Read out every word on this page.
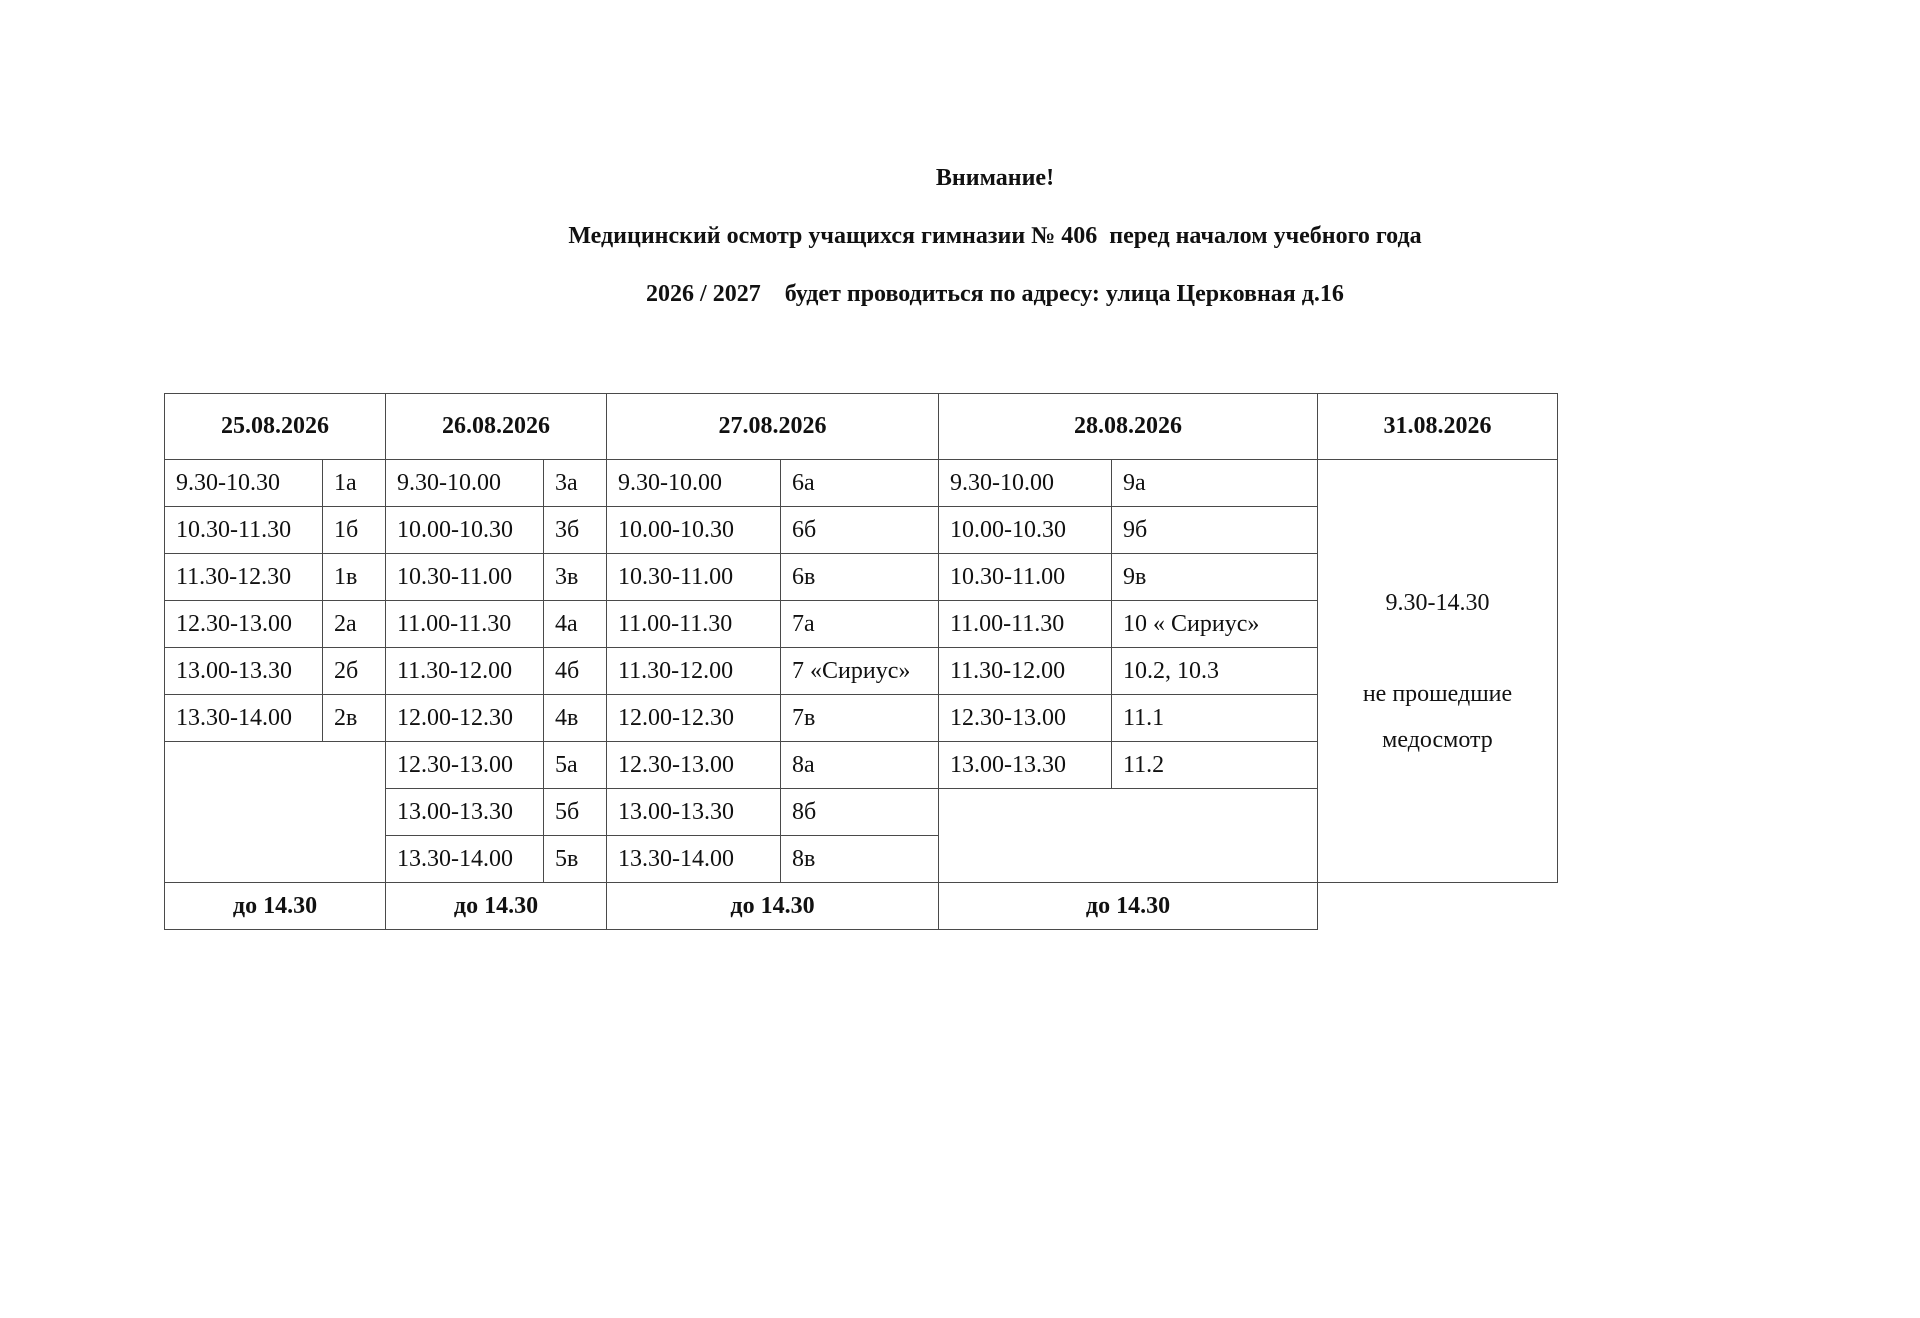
Внимание!
Медицинский осмотр учащихся гимназии № 406  перед началом учебного года
2026 / 2027    будет проводиться по адресу: улица Церковная д.16
25.08.2026		26.08.2026		27.08.2026		28.08.2026		31.08.2026
9.30-10.30	1а	9.30-10.00	3а	9.30-10.00	6а	9.30-10.00	9а	9.30-14.30
не прошедшие
медосмотр

10.30-11.30	1б	10.00-10.30	3б	10.00-10.30	6б	10.00-10.30	9б	
11.30-12.30	1в	10.30-11.00	3в	10.30-11.00	6в	10.30-11.00	9в	
12.30-13.00	2а	11.00-11.30	4а	11.00-11.30	7а	11.00-11.30	10 « Сириус»	
13.00-13.30	2б	11.30-12.00	4б	11.30-12.00	7 «Сириус»	11.30-12.00	10.2, 10.3	
13.30-14.00	2в	12.00-12.30	4в	12.00-12.30	7в	12.30-13.00	11.1	
		12.30-13.00	5а	12.30-13.00	8а	13.00-13.30	11.2	
		13.00-13.30	5б	13.00-13.30	8б			
		13.30-14.00	5в	13.30-14.00	8в			
до 14.30		до 14.30		до 14.30		до 14.30		
